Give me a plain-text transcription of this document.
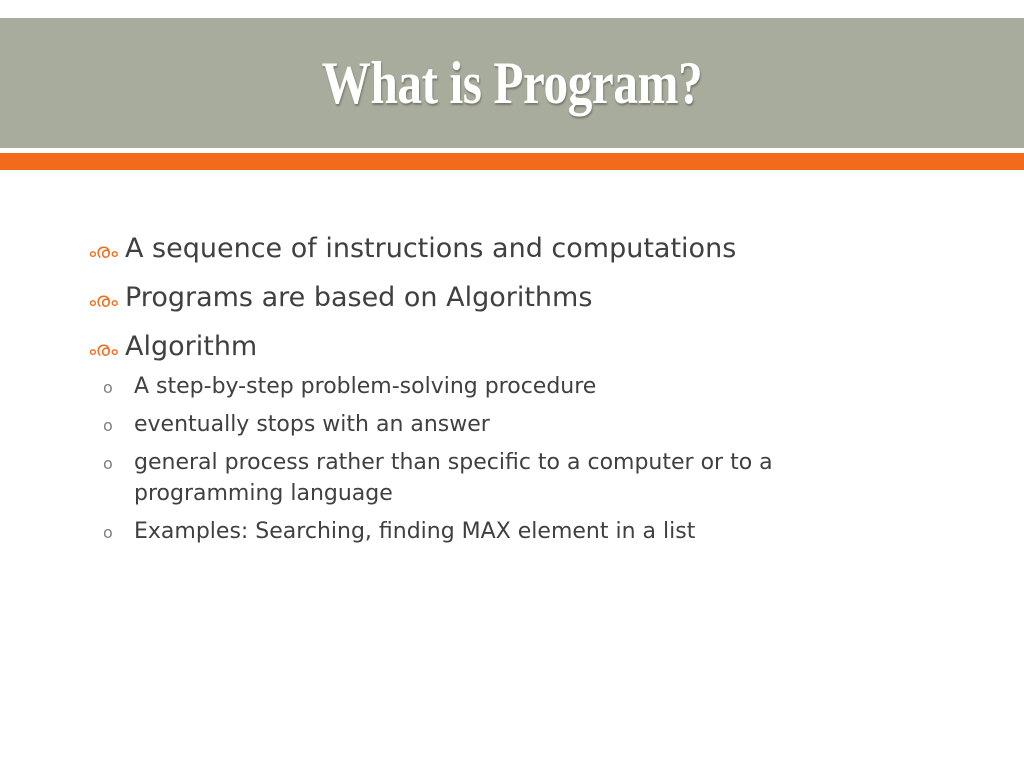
What is Program?
ൟ A sequence of instructions and computations
ൟ Programs are based on Algorithms
ൟ Algorithm
o A step-by-step problem-solving procedure
o eventually stops with an answer
o general process rather than specific to a computer or to a programming language
o Examples: Searching, finding MAX element in a list
